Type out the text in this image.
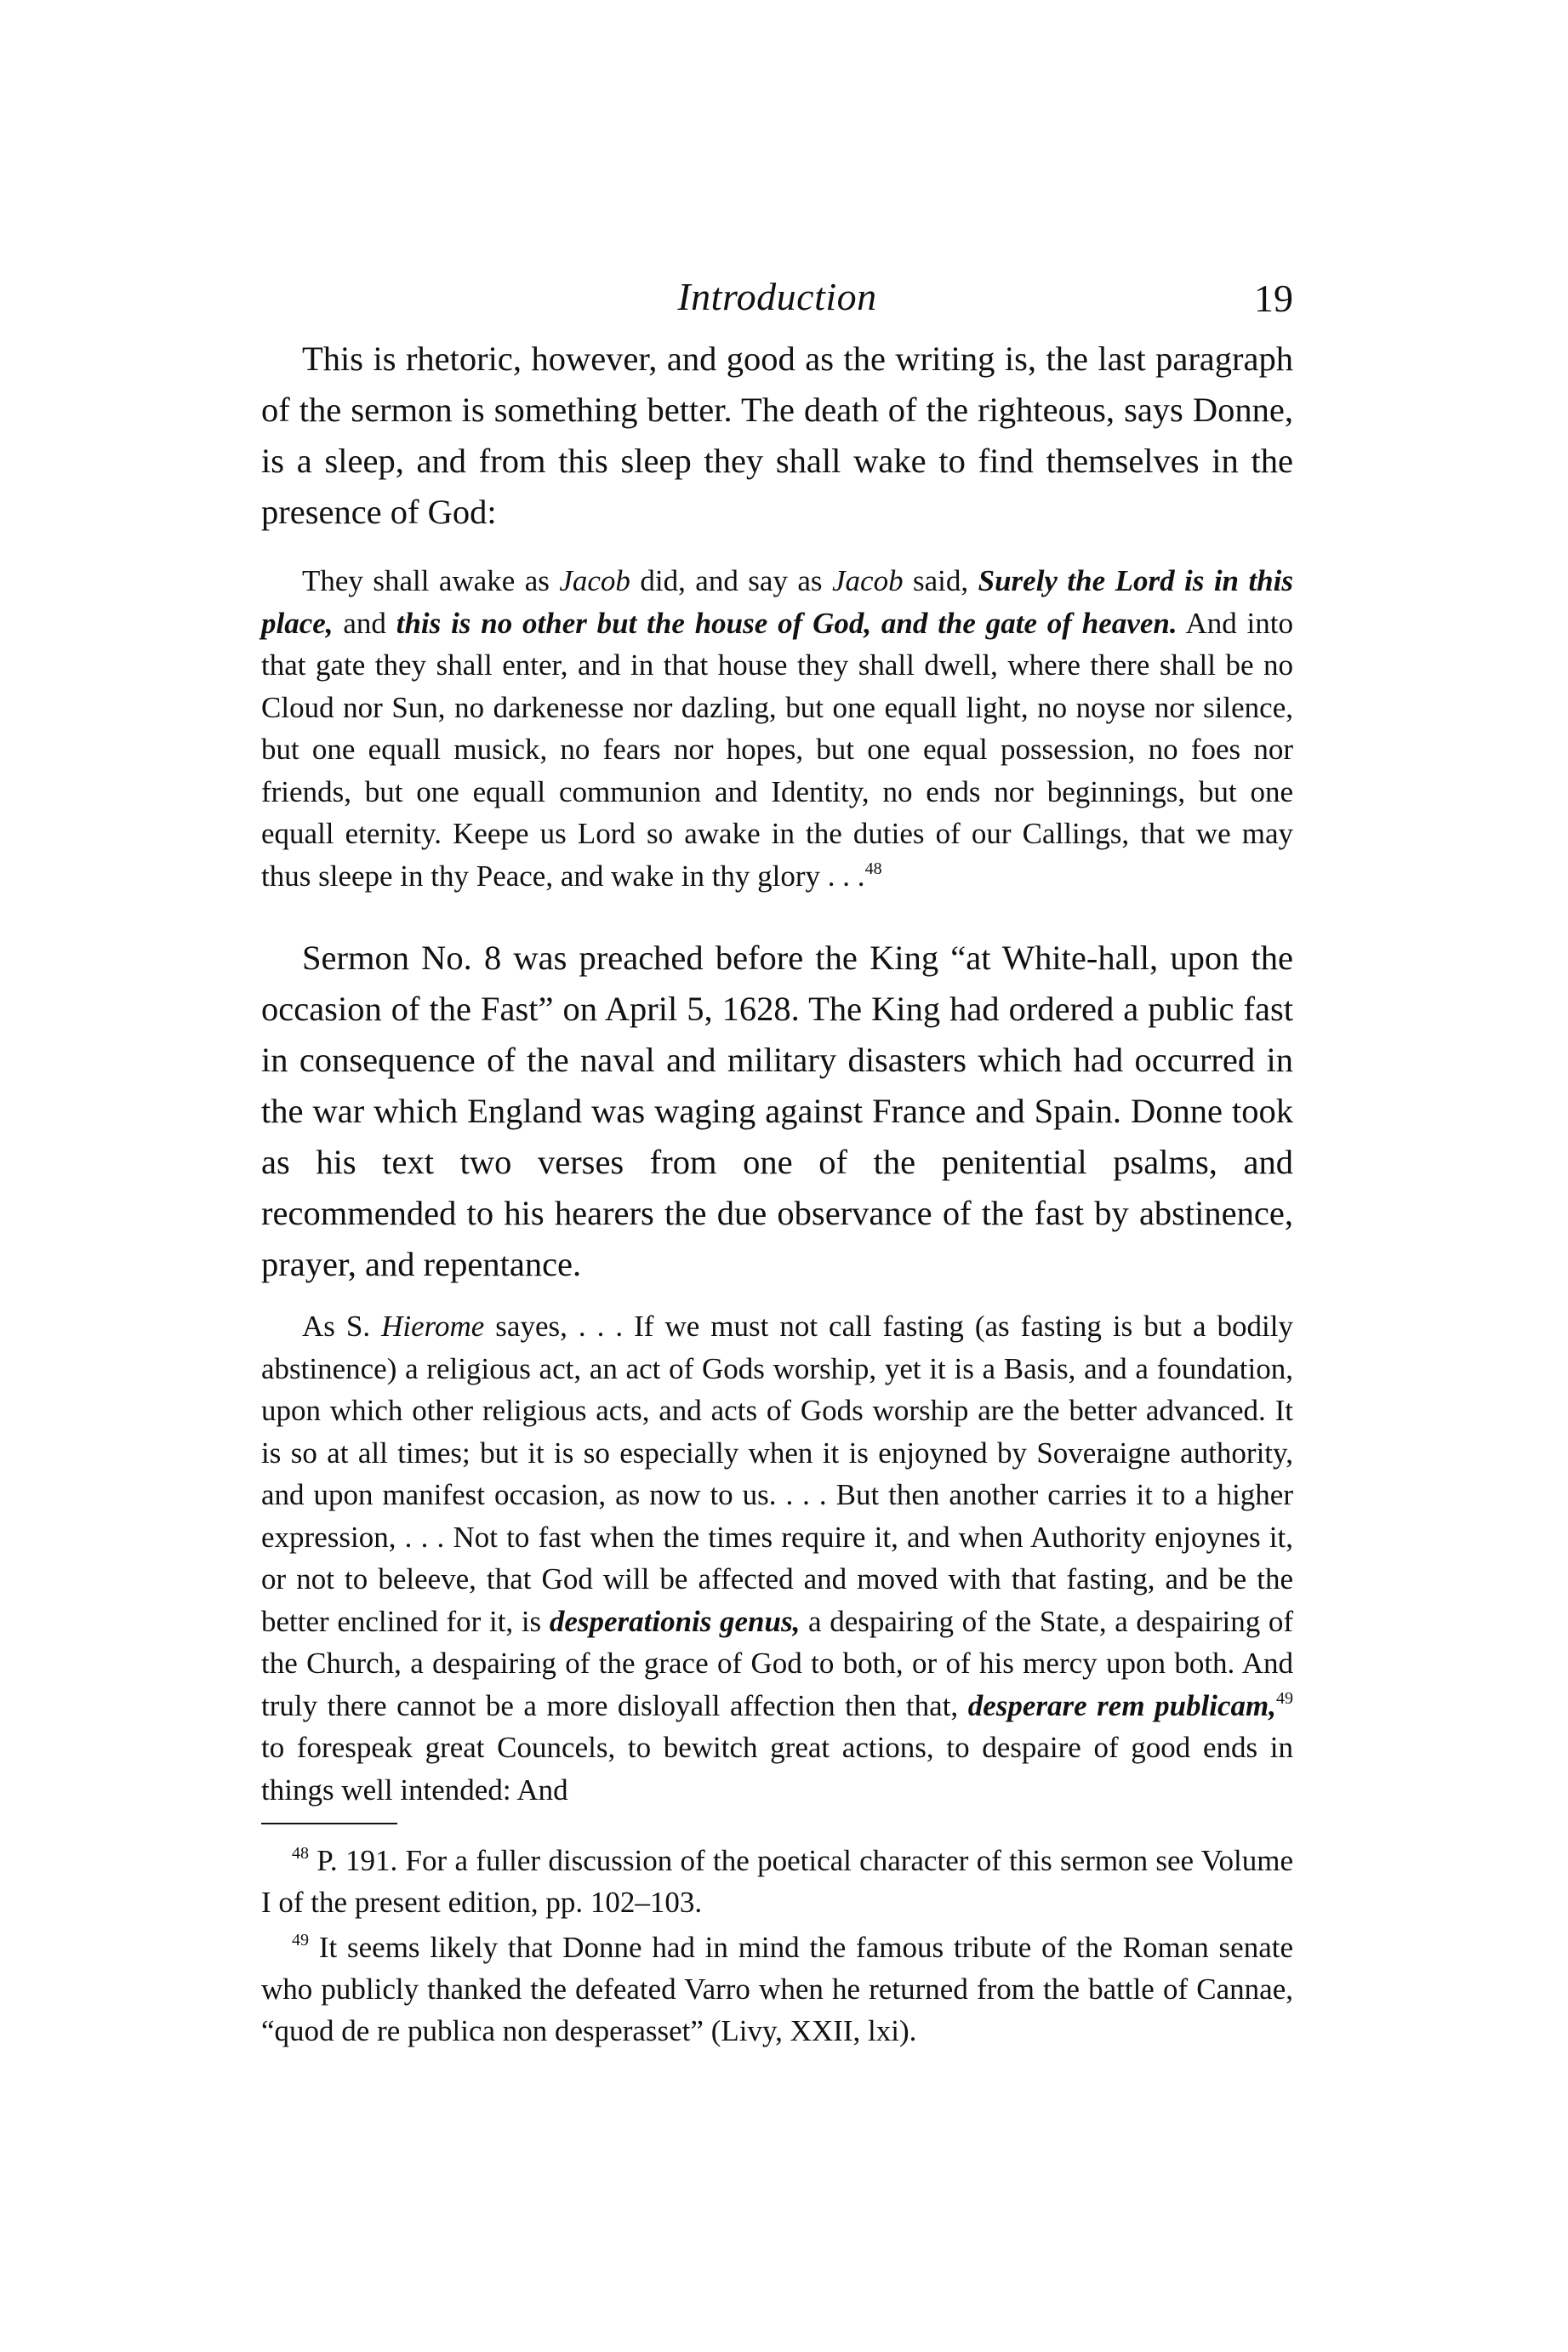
Introduction	19

This is rhetoric, however, and good as the writing is, the last paragraph of the sermon is something better. The death of the righteous, says Donne, is a sleep, and from this sleep they shall wake to find themselves in the presence of God:

They shall awake as Jacob did, and say as Jacob said, Surely the Lord is in this place, and this is no other but the house of God, and the gate of heaven. And into that gate they shall enter, and in that house they shall dwell, where there shall be no Cloud nor Sun, no darkenesse nor dazling, but one equall light, no noyse nor silence, but one equall musick, no fears nor hopes, but one equal possession, no foes nor friends, but one equall communion and Identity, no ends nor beginnings, but one equall eternity. Keepe us Lord so awake in the duties of our Callings, that we may thus sleepe in thy Peace, and wake in thy glory . . .$^{48}$

Sermon No. 8 was preached before the King “at White-hall, upon the occasion of the Fast” on April 5, 1628. The King had ordered a public fast in consequence of the naval and military disasters which had occurred in the war which England was waging against France and Spain. Donne took as his text two verses from one of the penitential psalms, and recommended to his hearers the due observance of the fast by abstinence, prayer, and repentance.

As S. Hierome sayes, . . . If we must not call fasting (as fasting is but a bodily abstinence) a religious act, an act of Gods worship, yet it is a Basis, and a foundation, upon which other religious acts, and acts of Gods worship are the better advanced. It is so at all times; but it is so especially when it is enjoyned by Soveraigne authority, and upon manifest occasion, as now to us. . . . But then another carries it to a higher expression, . . . Not to fast when the times require it, and when Authority enjoynes it, or not to beleeve, that God will be affected and moved with that fasting, and be the better enclined for it, is desperationis genus, a despairing of the State, a despairing of the Church, a despairing of the grace of God to both, or of his mercy upon both. And truly there cannot be a more disloyall affection then that, desperare rem publicam,$^{49}$ to forespeak great Councels, to bewitch great actions, to despaire of good ends in things well intended: And

$^{48}$ P. 191. For a fuller discussion of the poetical character of this sermon see Volume I of the present edition, pp. 102–103.

$^{49}$ It seems likely that Donne had in mind the famous tribute of the Roman senate who publicly thanked the defeated Varro when he returned from the battle of Cannae, “quod de re publica non desperasset” (Livy, XXII, lxi).
